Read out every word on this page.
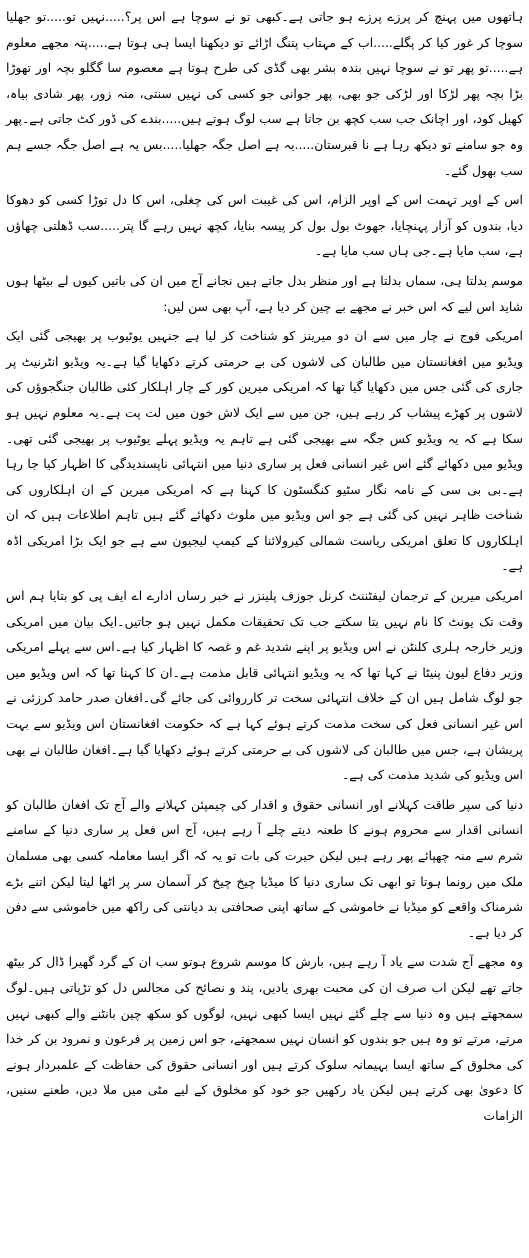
ہاتھوں میں پہنچ کر پرزے پرزے ہو جاتی ہے۔کبھی تو نے سوچا ہے اس پر؟.....نہیں تو.....تو جھلیا سوچا کر غور کیا کر پگلے.....اب کے مہتاب پتنگ اڑائے تو دیکھنا ایسا ہی ہوتا ہے.....پتہ مجھے معلوم ہے.....تو پھر تو نے سوچا نہیں بندہ بشر بھی گڈی کی طرح ہوتا ہے معصوم سا گگلو بچہ اور تھوڑا بڑا بچہ پھر لڑکا اور لڑکی جو بھی، پھر جوانی جو کسی کی نہیں سنتی، منہ زور، پھر شادی بیاہ، کھیل کود، اور اچانک جب سب کچھ بن جاتا ہے سب لوگ ہوتے ہیں.....بندے کی ڈور کٹ جاتی ہے۔پھر وہ جو سامنے تو دیکھ رہا ہے نا قبرستان.....یہ ہے اصل جگہ جھلیا.....بس یہ ہے اصل جگہ جسے ہم سب بھول گئے۔

اس کے اوپر تہمت اس کے اوپر الزام، اس کی غیبت اس کی چغلی، اس کا دل توڑا کسی کو دھوکا دیا، بندوں کو آزار پہنچایا، جھوٹ بول بول کر پیسہ بنایا، کچھ نہیں رہے گا پتر.....سب ڈھلتی چھاؤں ہے، سب مایا ہے۔جی ہاں سب مایا ہے۔

موسم بدلتا ہی، سماں بدلتا ہے اور منظر بدل جاتے ہیں نجانے آج میں ان کی باتیں کیوں لے بیٹھا ہوں شاید اس لیے کہ اس خبر نے مجھے بے چین کر دیا ہے، آپ بھی سن لیں:

امریکی فوج نے چار میں سے ان دو میرینز کو شناخت کر لیا ہے جنہیں یوٹیوب پر بھیجی گئی ایک ویڈیو میں افغانستان میں طالبان کی لاشوں کی بے حرمتی کرتے دکھایا گیا ہے۔یہ ویڈیو انٹرنیٹ پر جاری کی گئی جس میں دکھایا گیا تھا کہ امریکی میرین کور کے چار اہلکار کئی طالبان جنگجوؤں کی لاشوں پر کھڑے پیشاب کر رہے ہیں، جن میں سے ایک لاش خون میں لت پت ہے۔یہ معلوم نہیں ہو سکا ہے کہ یہ ویڈیو کس جگہ سے بھیجی گئی ہے تاہم یہ ویڈیو پہلے یوٹیوب پر بھیجی گئی تھی۔ویڈیو میں دکھائے گئے اس غیر انسانی فعل پر ساری دنیا میں انتہائی ناپسندیدگی کا اظہار کیا جا رہا ہے۔بی بی سی کے نامہ نگار سٹیو کنگسٹون کا کہنا ہے کہ امریکی میرین کے ان اہلکاروں کی شناخت ظاہر نہیں کی گئی ہے جو اس ویڈیو میں ملوث دکھائے گئے ہیں تاہم اطلاعات ہیں کہ ان اہلکاروں کا تعلق امریکی ریاست شمالی کیرولائنا کے کیمپ لیجیون سے ہے جو ایک بڑا امریکی اڈہ ہے۔

امریکی میرین کے ترجمان لیفٹننٹ کرنل جوزف پلینزر نے خبر رساں ادارے اے ایف پی کو بتایا ہم اس وقت تک یونٹ کا نام نہیں بتا سکتے جب تک تحقیقات مکمل نہیں ہو جاتیں۔ایک بیان میں امریکی وزیر خارجہ ہلری کلنٹن نے اس ویڈیو پر اپنے شدید غم و غصہ کا اظہار کیا ہے۔اس سے پہلے امریکی وزیر دفاع لیون پنیٹا نے کہا تھا کہ یہ ویڈیو انتہائی قابل مذمت ہے۔ان کا کہنا تھا کہ اس ویڈیو میں جو لوگ شامل ہیں ان کے خلاف انتہائی سخت تر کارروائی کی جائے گی۔افغان صدر حامد کرزئی نے اس غیر انسانی فعل کی سخت مذمت کرتے ہوئے کہا ہے کہ حکومت افغانستان اس ویڈیو سے بہت پریشان ہے، جس میں طالبان کی لاشوں کی بے حرمتی کرتے ہوئے دکھایا گیا ہے۔افغان طالبان نے بھی اس ویڈیو کی شدید مذمت کی ہے۔

دنیا کی سپر طاقت کہلانے اور انسانی حقوق و اقدار کی چیمپئن کہلانے والے آج تک افغان طالبان کو انسانی اقدار سے محروم ہونے کا طعنہ دیتے چلے آ رہے ہیں، آج اس فعل پر ساری دنیا کے سامنے شرم سے منہ چھپائے پھر رہے ہیں لیکن حیرت کی بات تو یہ کہ اگر ایسا معاملہ کسی بھی مسلمان ملک میں رونما ہوتا تو ابھی تک ساری دنیا کا میڈیا چیخ چیخ کر آسمان سر پر اٹھا لیتا لیکن اتنے بڑے شرمناک واقعے کو میڈیا نے خاموشی کے ساتھ اپنی صحافتی بد دیانتی کی راکھ میں خاموشی سے دفن کر دیا ہے۔

وہ مجھے آج شدت سے یاد آ رہے ہیں، بارش کا موسم شروع ہوتو سب ان کے گرد گھیرا ڈال کر بیٹھ جاتے تھے لیکن اب صرف ان کی محبت بھری یادیں، پند و نصائح کی مجالس دل کو تڑپاتی ہیں۔لوگ سمجھتے ہیں وہ دنیا سے چلے گئے نہیں ایسا کبھی نہیں، لوگوں کو سکھ چین بانٹنے والے کبھی نہیں مرتے، مرتے تو وہ ہیں جو بندوں کو انسان نہیں سمجھتے، جو اس زمین پر فرعون و نمرود بن کر خدا کی مخلوق کے ساتھ ایسا بہیمانہ سلوک کرتے ہیں اور انسانی حقوق کی حفاظت کے علمبردار ہونے کا دعویٰ بھی کرتے ہیں لیکن یاد رکھیں جو خود کو مخلوق کے لیے مٹی میں ملا دیں، طعنے سنیں، الزامات
